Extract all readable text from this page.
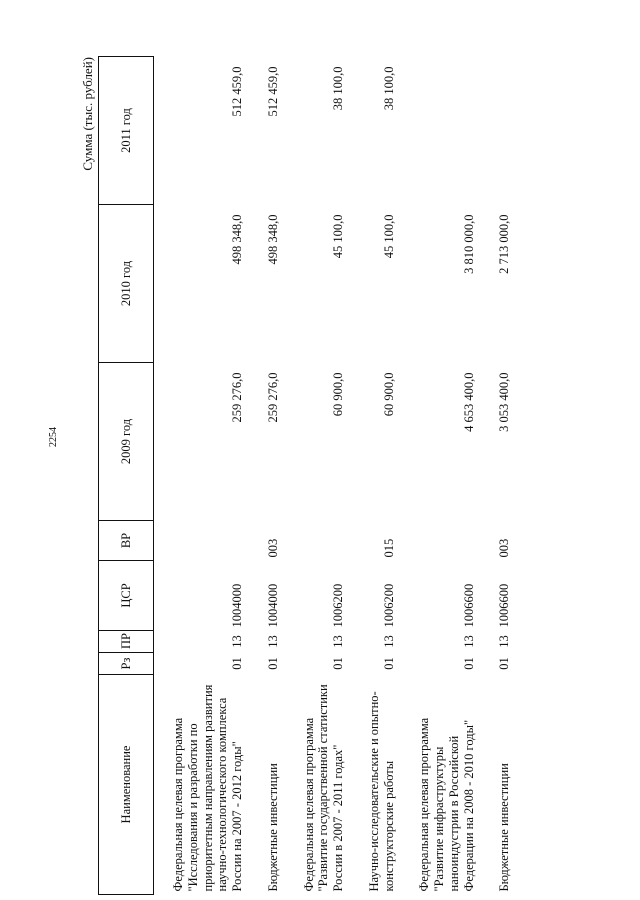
2254
Сумма (тыс. рублей)
Наименование	Рз	ПР	ЦСР	ВР	2009 год	2010 год	2011 год

Федеральная целевая программа "Исследования и разработки по приоритетным направлениям развития научно-технологического комплекса России на 2007 - 2012 годы"	01	13	1004000		259 276,0	498 348,0	512 459,0

Бюджетные инвестиции	01	13	1004000	003	259 276,0	498 348,0	512 459,0

Федеральная целевая программа "Развитие государственной статистики России в 2007 - 2011 годах"	01	13	1006200		60 900,0	45 100,0	38 100,0

Научно-исследовательские и опытно-конструкторские работы	01	13	1006200	015	60 900,0	45 100,0	38 100,0

Федеральная целевая программа "Развитие инфраструктуры наноиндустрии в Российской Федерации на 2008 - 2010 годы"	01	13	1006600		4 653 400,0	3 810 000,0	

Бюджетные инвестиции	01	13	1006600	003	3 053 400,0	2 713 000,0	
